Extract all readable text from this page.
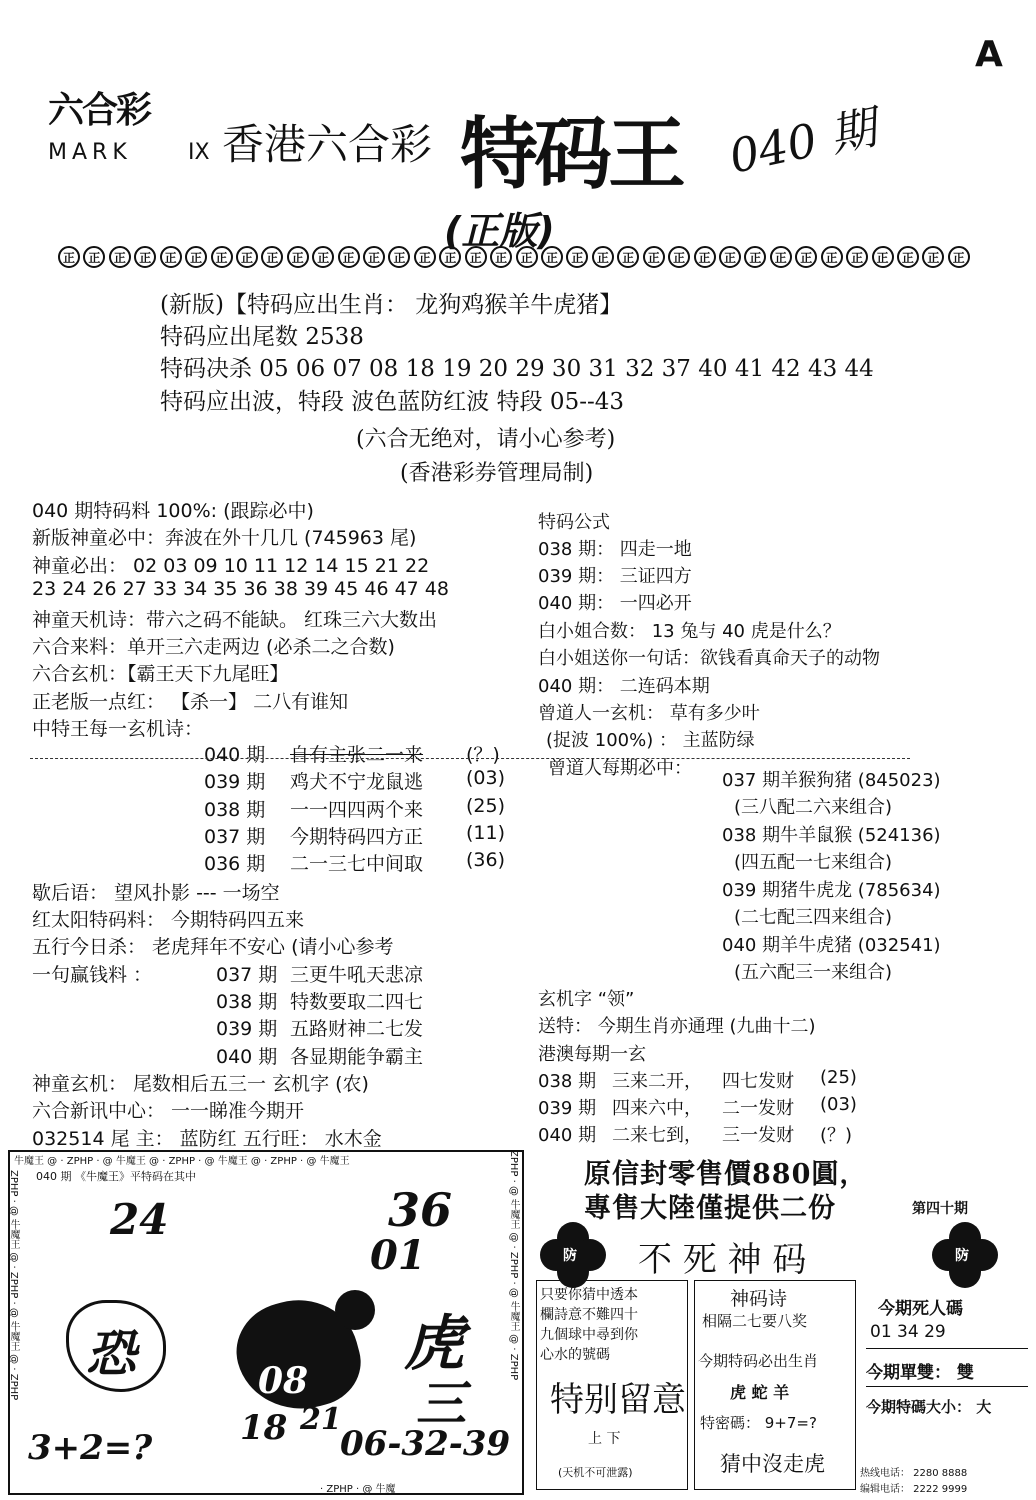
A
六合彩
MARK	IX 香港六合彩 特码王 040 期
(正版)
正	正	正	正	正	正	正	正	正	正	正	正	正	正	正	正	正	正	正	正	正	正	正	正	正	正	正	正	正	正	正	正	正	正	正	正
(新版)【特码应出生肖： 龙狗鸡猴羊牛虎猪】
特码应出尾数 2538
特码决杀 05 06 07 08 18 19 20 29 30 31 32 37 40 41 42 43 44
特码应出波，特段 波色蓝防红波 特段 05--43
(六合无绝对，请小心参考)
(香港彩券管理局制)
040 期特码料 100%: (跟踪必中)
新版神童必中：奔波在外十几几 (745963 尾)
神童必出： 02 03 09 10 11 12 14 15 21 22
23 24 26 27 33 34 35 36 38 39 45 46 47 48
神童天机诗：带六之码不能缺。 红珠三六大数出
六合来料：单开三六走两边 (必杀二之合数)
六合玄机：【霸王天下九尾旺】
正老版一点红： 【杀一】 二八有谁知
中特王每一玄机诗：
040 期 自有主张二一来 (？)
039 期 鸡犬不宁龙鼠逃 (03)
038 期 一一四四两个来 (25)
037 期 今期特码四方正 (11)
036 期 二一三七中间取 (36)
歇后语： 望风扑影 --- 一场空
红太阳特码料： 今期特码四五来
五行今日杀： 老虎拜年不安心 (请小心参考
一句赢钱料 ：	037 期 三更牛吼天悲凉
038 期 特数要取二四七
039 期 五路财神二七发
040 期 各显期能争霸主
神童玄机： 尾数相后五三一 玄机字 (农)
六合新讯中心： 一一睇准今期开
032514 尾 主： 蓝防红 五行旺： 水木金
特码公式
038 期： 四走一地
039 期： 三证四方
040 期： 一四必开
白小姐合数： 13 兔与 40 虎是什么？
白小姐送你一句话：欲钱看真命天子的动物
040 期： 二连码本期
曾道人一玄机： 草有多少叶
(捉波 100%) ： 主蓝防绿
曾道人每期必中：
037 期羊猴狗猪 (845023)
(三八配二六来组合)
038 期牛羊鼠猴 (524136)
(四五配一七来组合)
039 期猪牛虎龙 (785634)
(二七配三四来组合)
040 期羊牛虎猪 (032541)
(五六配三一来组合)
玄机字 “领”
送特： 今期生肖亦通理 (九曲十二)
港澳每期一玄
038 期 三来二开， 四七发财 (25)
039 期 四来六中， 二一发财 (03)
040 期 二来七到， 三一发财 (？)
牛魔王 @ · ZPHP · @ 牛魔王 @ · ZPHP · @ 牛魔王 @ · ZPHP · @ 牛魔王
· ZPHP · @ 牛魔
ZPHP · @ 牛魔王 @ · ZPHP · @ 牛魔王 @ · ZPHP	ZPHP · @ 牛魔王 @ · ZPHP · @ 牛魔王 @ · ZPHP
040 期 《牛魔王》平特码在其中
24	36
01
恐	08
虎
三
18 21
06-32-39
3+2=?
原信封零售價880圓，
專售大陸僅提供二份	第四十期
防	防
不 死 神 码
只要你猜中透本
欄詩意不難四十
九個球中尋到你
心水的號碼
特别留意
上 下
(天机不可泄露)
神码诗
相隔二七要八奖
今期特码必出生肖
虎 蛇 羊
特密碼： 9+7=?
猜中沒走虎
今期死人碼
01 34 29
今期單雙： 雙
今期特碼大小： 大
热线电话： 2280 8888
编辑电话： 2222 9999
